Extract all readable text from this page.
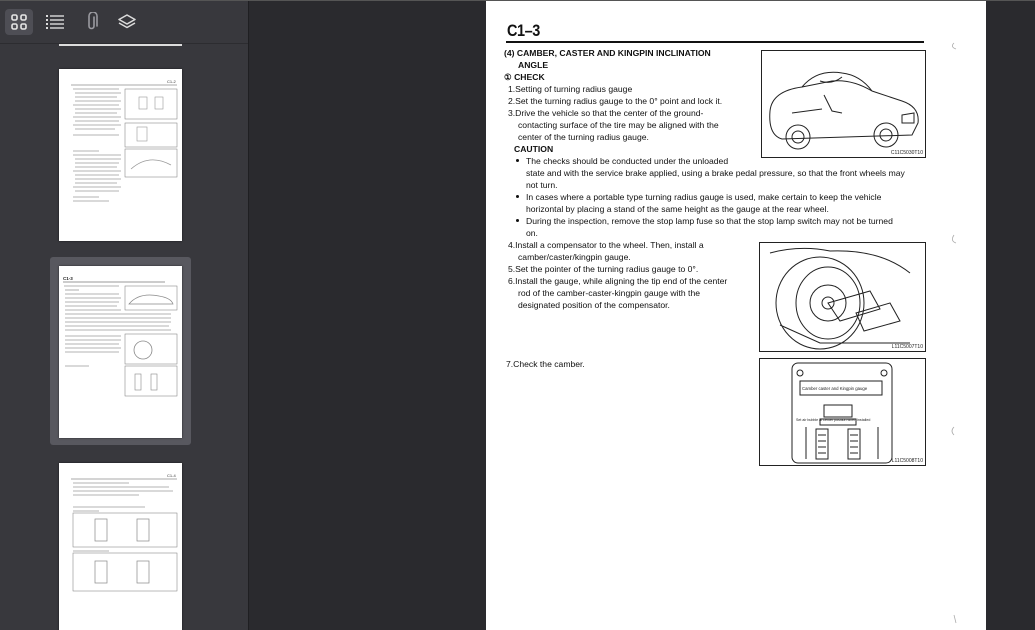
C1-2
C1-3
C1-4
C1–3
(4) CAMBER, CASTER AND KINGPIN INCLINATION
ANGLE
① CHECK
1.Setting of turning radius gauge
2.Set the turning radius gauge to the 0° point and lock it.
3.Drive the vehicle so that the center of the ground-
contacting surface of the tire may be aligned with the
center of the turning radius gauge.
CAUTION
The checks should be conducted under the unloaded
state and with the service brake applied, using a brake pedal pressure, so that the front wheels may
not turn.
In cases where a portable type turning radius gauge is used, make certain to keep the vehicle
horizontal by placing a stand of the same height as the gauge at the rear wheel.
During the inspection, remove the stop lamp fuse so that the stop lamp switch may not be turned
on.
4.Install a compensator to the wheel. Then, install a
camber/caster/kingpin gauge.
5.Set the pointer of the turning radius gauge to 0°.
6.Install the gauge, while aligning the tip end of the center
rod of the camber-caster-kingpin gauge with the
designated position of the compensator.
7.Check the camber.
C11C5030T10
L11C5007T10
Camber caster and Kingpin gauge
Set air bubble at center position when installed
L11C5008T10
